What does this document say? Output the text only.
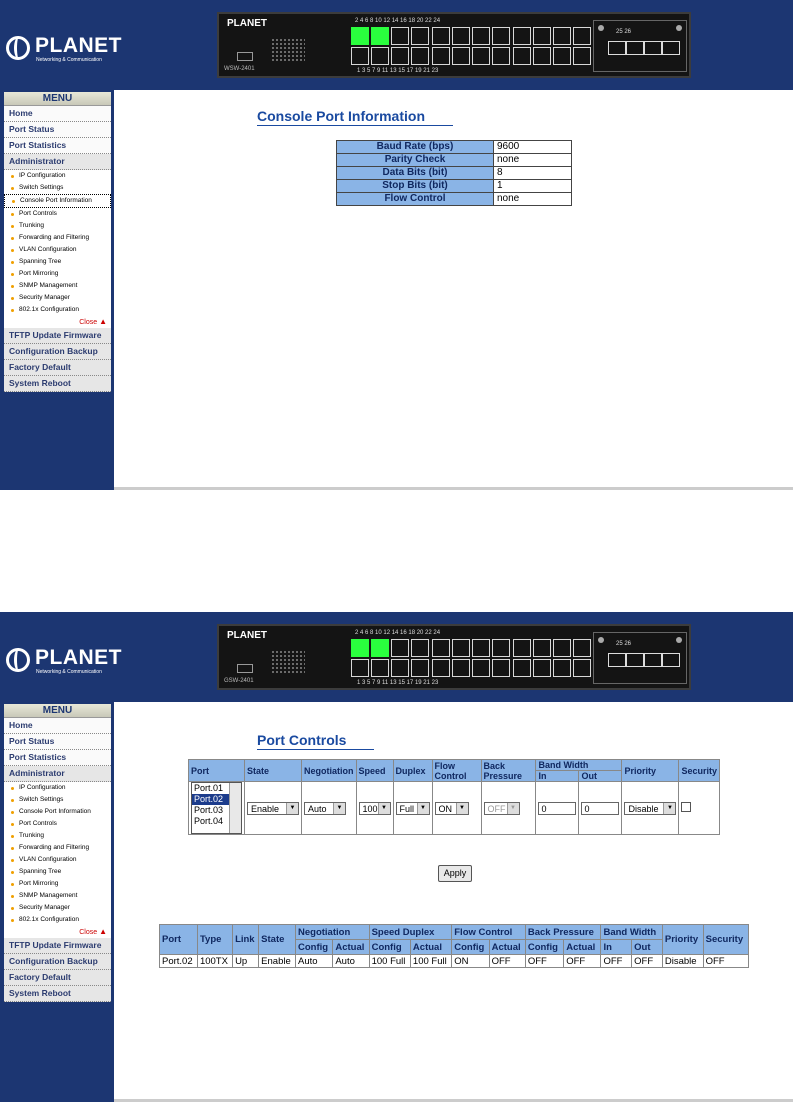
PLANET
Networking & Communication
PLANET
WSW-2401
2 4 6 8 10 12 14 16 18 20 22 24
1 3 5 7 9 11 13 15 17 19 21 23
25 26
MENU
Home
Port Status
Port Statistics
Administrator
IP Configuration
Switch Settings
Console Port Information
Port Controls
Trunking
Forwarding and Filtering
VLAN Configuration
Spanning Tree
Port Mirroring
SNMP Management
Security Manager
802.1x Configuration
Close ▲
TFTP Update Firmware
Configuration Backup
Factory Default
System Reboot
Console Port Information
Baud Rate (bps)	9600
Parity Check	none
Data Bits (bit)	8
Stop Bits (bit)	1
Flow Control	none
PLANET
Networking & Communication
PLANET
GSW-2401
2 4 6 8 10 12 14 16 18 20 22 24
1 3 5 7 9 11 13 15 17 19 21 23
25 26
MENU
Home
Port Status
Port Statistics
Administrator
IP Configuration
Switch Settings
Console Port Information
Port Controls
Trunking
Forwarding and Filtering
VLAN Configuration
Spanning Tree
Port Mirroring
SNMP Management
Security Manager
802.1x Configuration
Close ▲
TFTP Update Firmware
Configuration Backup
Factory Default
System Reboot
Port Controls
Port	State	Negotiation	Speed	Duplex	Flow Control	Back Pressure	Band Width		Priority	Security
							In	Out		

Port.01
Port.02
Port.03
Port.04	Enable ▼	Auto ▼	100 ▼	Full ▼	ON ▼	OFF ▼	0	0	Disable ▼	
Apply
Port	Type	Link	State	Negotiation		Speed Duplex		Flow Control		Back Pressure		Band Width		Priority	Security
				Config	Actual	Config	Actual	Config	Actual	Config	Actual	In	Out		
Port.02	100TX	Up	Enable	Auto	Auto	100 Full	100 Full	ON	OFF	OFF	OFF	OFF	OFF	Disable	OFF
